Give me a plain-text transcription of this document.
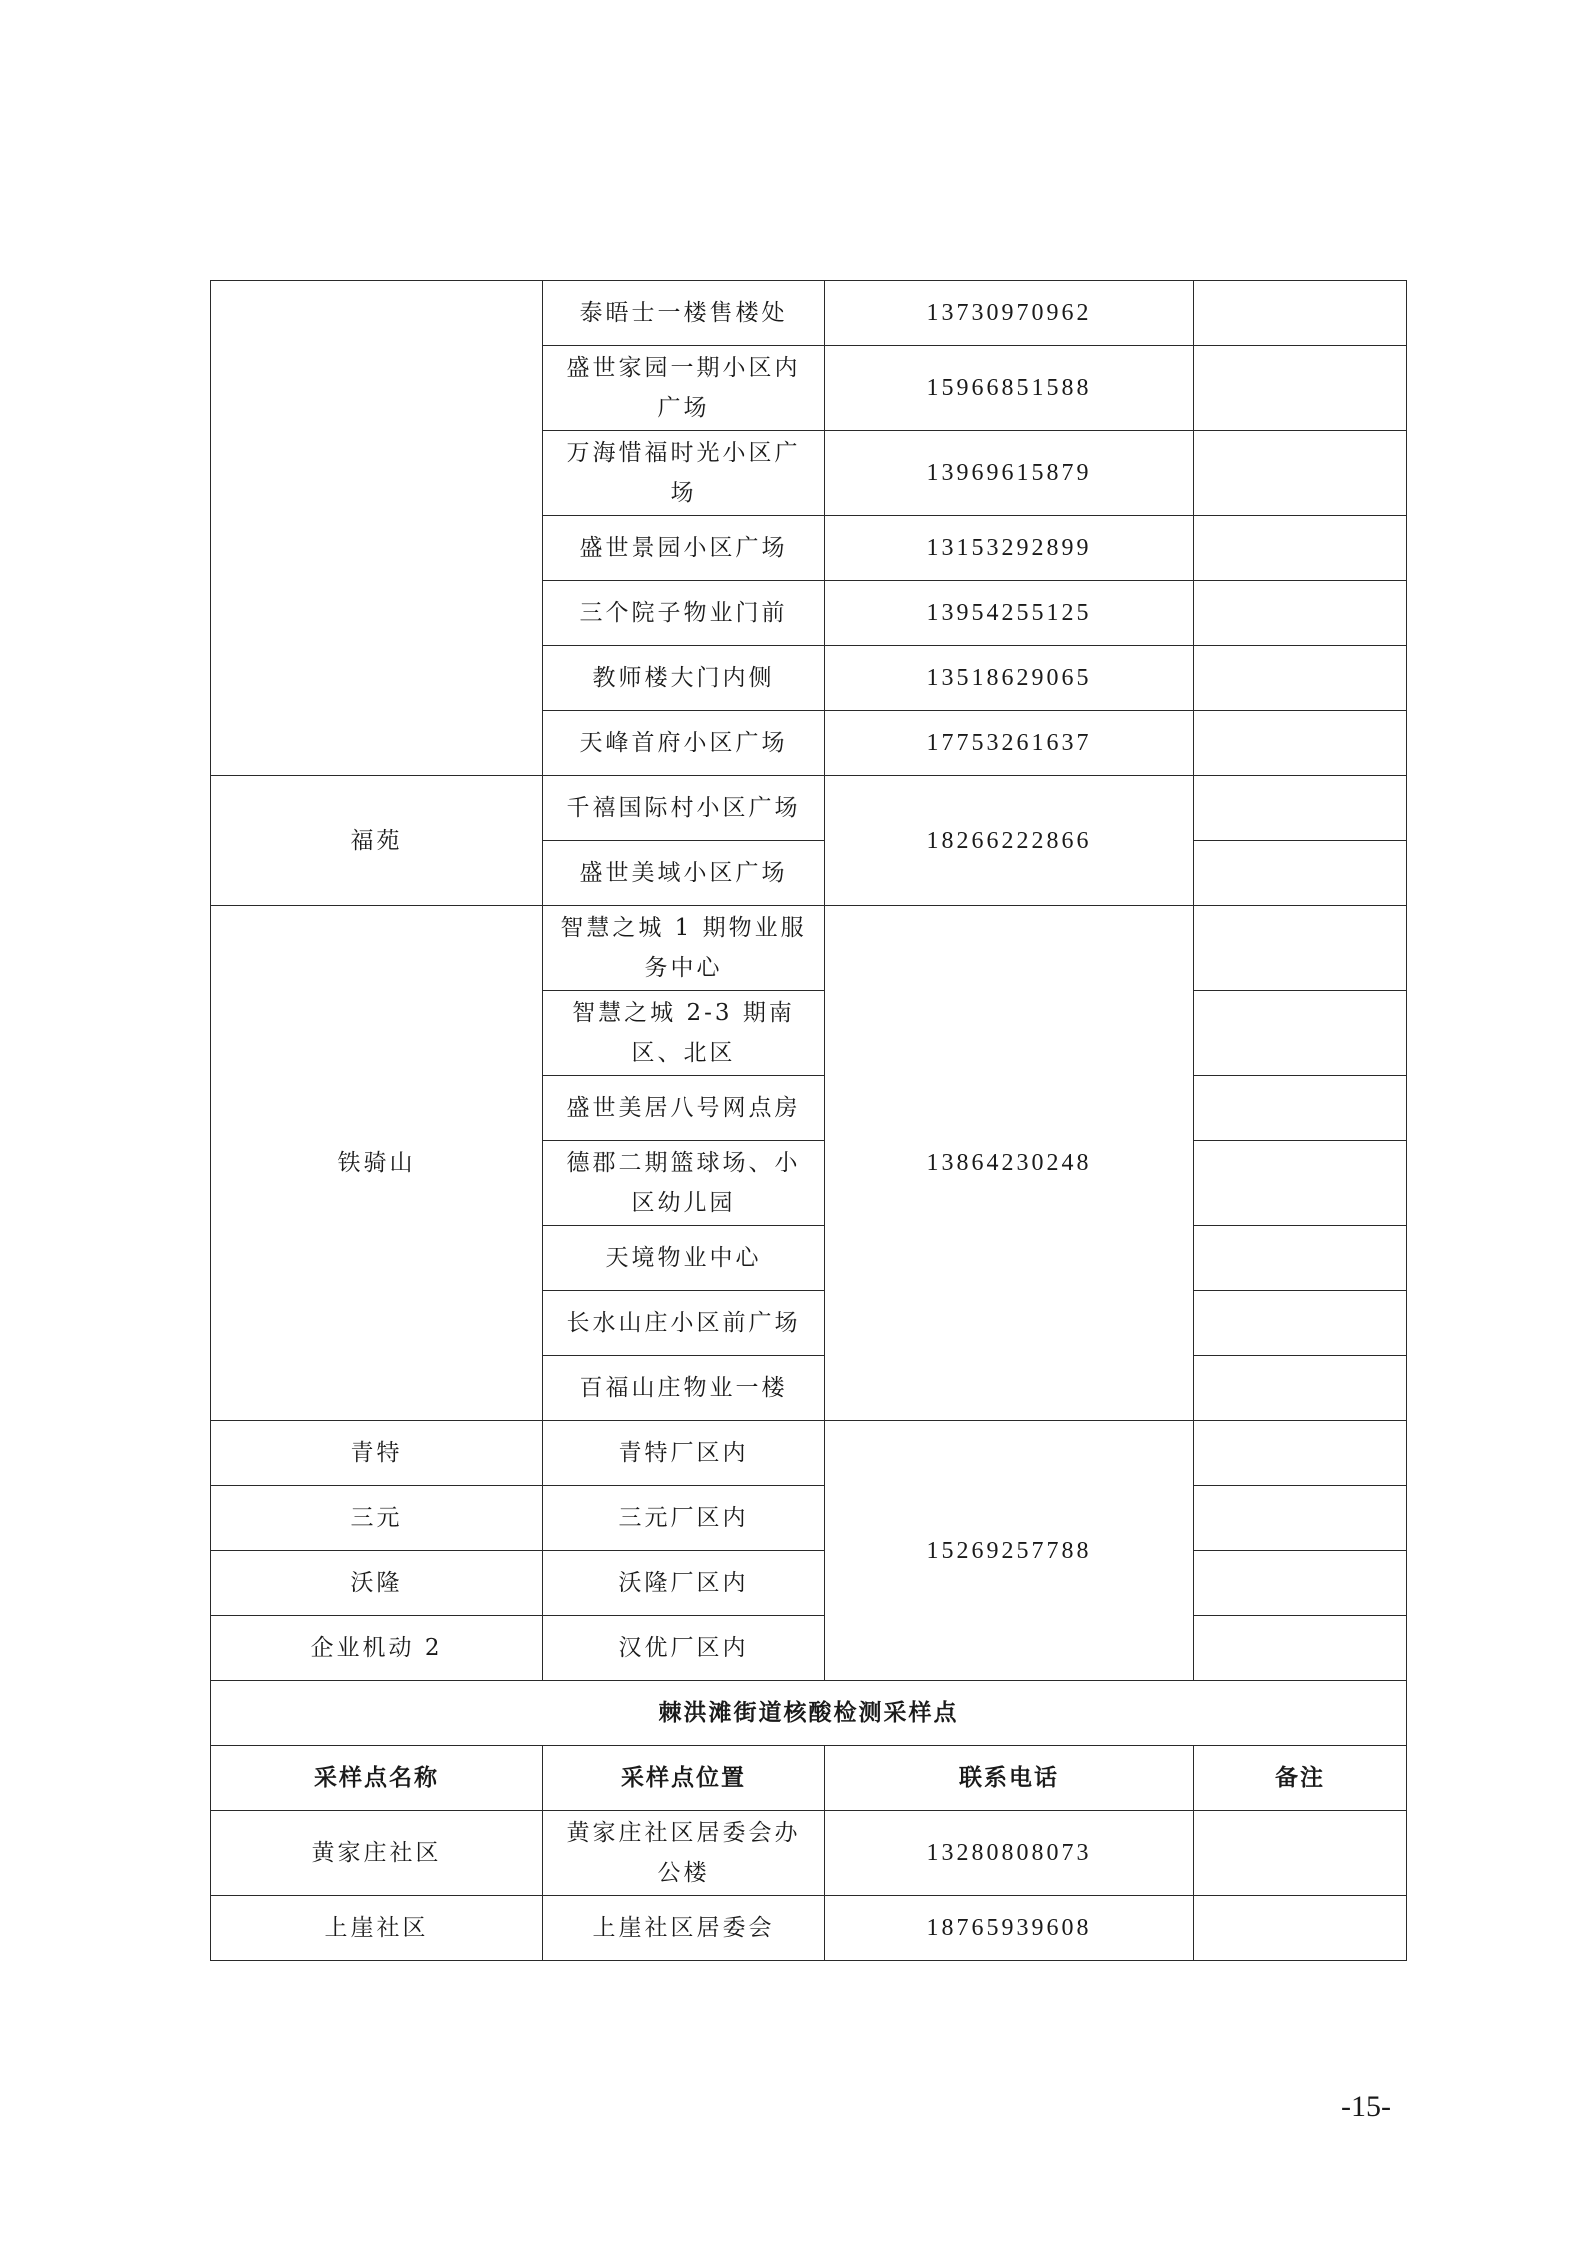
	泰晤士一楼售楼处	13730970962	
	盛世家园一期小区内广场	15966851588	
	万海惜福时光小区广场	13969615879	
	盛世景园小区广场	13153292899	
	三个院子物业门前	13954255125	
	教师楼大门内侧	13518629065	
	天峰首府小区广场	17753261637	
福苑	千禧国际村小区广场	18266222866	
	盛世美域小区广场		
铁骑山	智慧之城 1 期物业服务中心	13864230248	
	智慧之城 2-3 期南区、北区		
	盛世美居八号网点房		
	德郡二期篮球场、小区幼儿园		
	天境物业中心		
	长水山庄小区前广场		
	百福山庄物业一楼		
青特	青特厂区内	15269257788	
三元	三元厂区内		
沃隆	沃隆厂区内		
企业机动 2	汉优厂区内		
棘洪滩街道核酸检测采样点			
采样点名称	采样点位置	联系电话	备注
黄家庄社区	黄家庄社区居委会办公楼	13280808073	
上崖社区	上崖社区居委会	18765939608	
-15-
